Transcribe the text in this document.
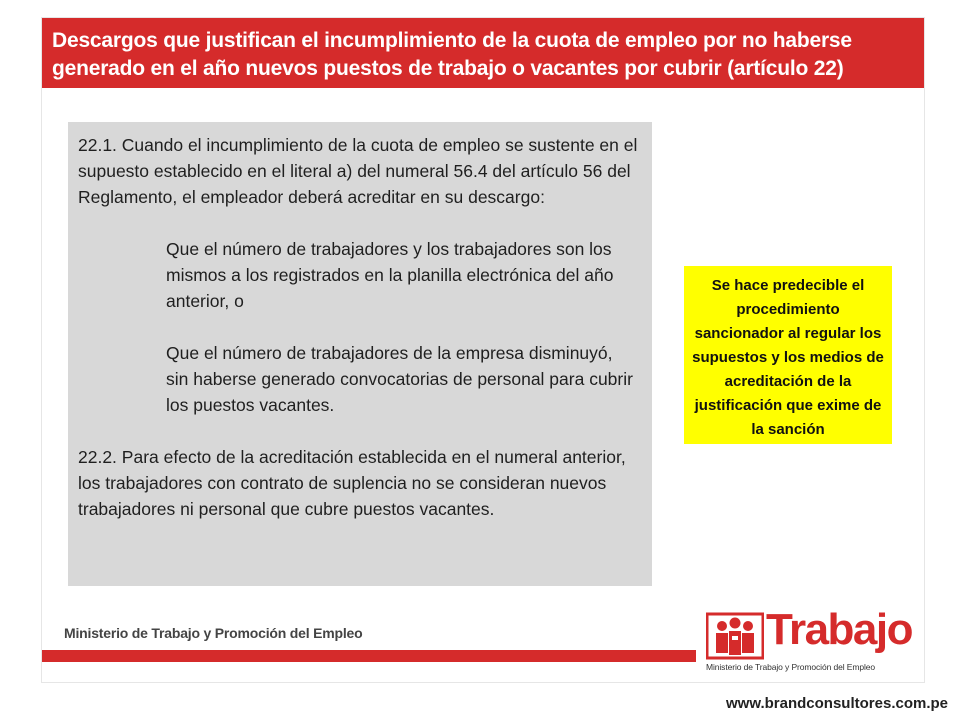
Descargos que justifican el incumplimiento de la cuota de empleo por no haberse generado en el año nuevos puestos de trabajo o vacantes por cubrir (artículo 22)

22.1. Cuando el incumplimiento de la cuota de empleo se sustente en el supuesto establecido en el literal a) del numeral 56.4 del artículo 56 del Reglamento, el empleador deberá acreditar en su descargo:

Que el número de trabajadores y los trabajadores son los mismos a los registrados en la planilla electrónica del año anterior, o

Que el número de trabajadores de la empresa disminuyó, sin haberse generado convocatorias de personal para cubrir los puestos vacantes.

22.2. Para efecto de la acreditación establecida en el numeral anterior, los trabajadores con contrato de suplencia no se consideran nuevos trabajadores ni personal que cubre puestos vacantes.

Se hace predecible el procedimiento sancionador al regular los supuestos y los medios de acreditación de la justificación que exime de la sanción
Ministerio de Trabajo y Promoción del Empleo	Trabajo
Ministerio de Trabajo y Promoción del Empleo
www.brandconsultores.com.pe
